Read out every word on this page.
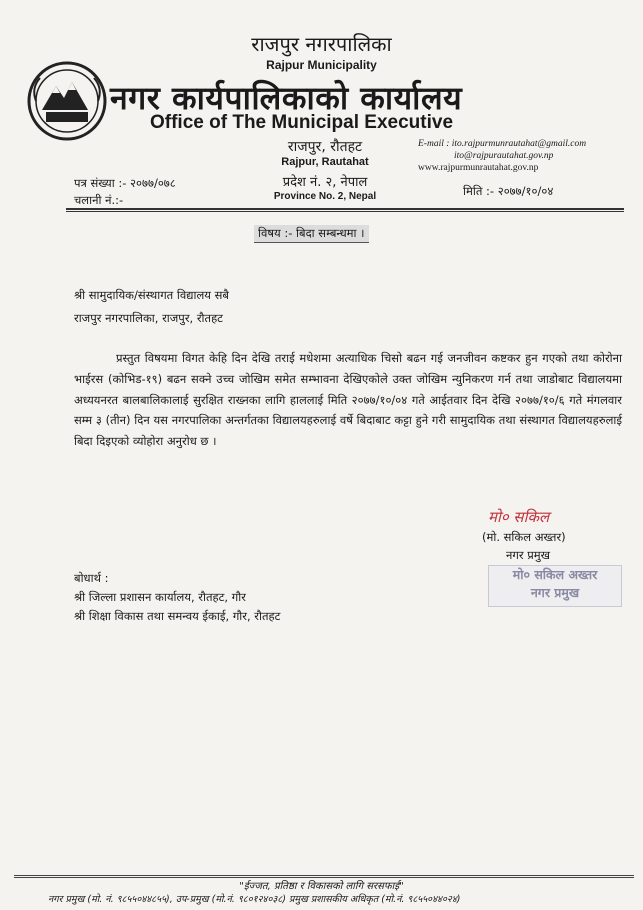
राजपुर नगरपालिका
Rajpur Municipality
नगर कार्यपालिकाको कार्यालय
Office of The Municipal Executive
राजपुर, रौतहट
Rajpur, Rautahat
प्रदेश नं. २, नेपाल
Province No. 2, Nepal
E-mail : ito.rajpurmunrautahat@gmail.com
ito@rajpurautahat.gov.np
www.rajpurmunrautahat.gov.np
पत्र संख्या :- २०७७/०७८
चलानी नं.:-
मिति :- २०७७/१०/०४
विषय :- बिदा सम्बन्धमा ।
श्री सामुदायिक/संस्थागत विद्यालय सबै
राजपुर नगरपालिका, राजपुर, रौतहट
प्रस्तुत विषयमा विगत केहि दिन देखि तराई मधेशमा अत्याधिक चिसो बढन गई जनजीवन कष्टकर हुन गएको तथा कोरोना भाईरस (कोभिड-१९) बढन सक्ने उच्च जोखिम समेत सम्भावना देखिएकोले उक्त जोखिम न्युनिकरण गर्न तथा जाडोबाट विद्यालयमा अध्ययनरत बालबालिकालाई सुरक्षित राख्नका लागि हाललाई मिति २०७७/१०/०४ गते आईतवार दिन देखि २०७७/१०/६ गते मंगलवार सम्म ३ (तीन) दिन यस नगरपालिका अन्तर्गतका विद्यालयहरुलाई वर्षे बिदाबाट कट्टा हुने गरी सामुदायिक तथा संस्थागत विद्यालयहरुलाई बिदा दिइएको व्योहोरा अनुरोध छ ।
मो० सकिल
(मो. सकिल अख्तर)
नगर प्रमुख
मो० सकिल अख्तर
नगर प्रमुख
बोधार्थ :
श्री जिल्ला प्रशासन कार्यालय, रौतहट, गौर
श्री शिक्षा विकास तथा समन्वय ईकाई, गौर, रौतहट
"ईज्जत, प्रतिष्ठा र विकासको लागि सरसफाई"
नगर प्रमुख (मो. नं. ९८५५०४४८५५), उप-प्रमुख (मो.नं. ९८०१२४०३८) प्रमुख प्रशासकीय अधिकृत (मो.नं. ९८५५०४४०२४)
